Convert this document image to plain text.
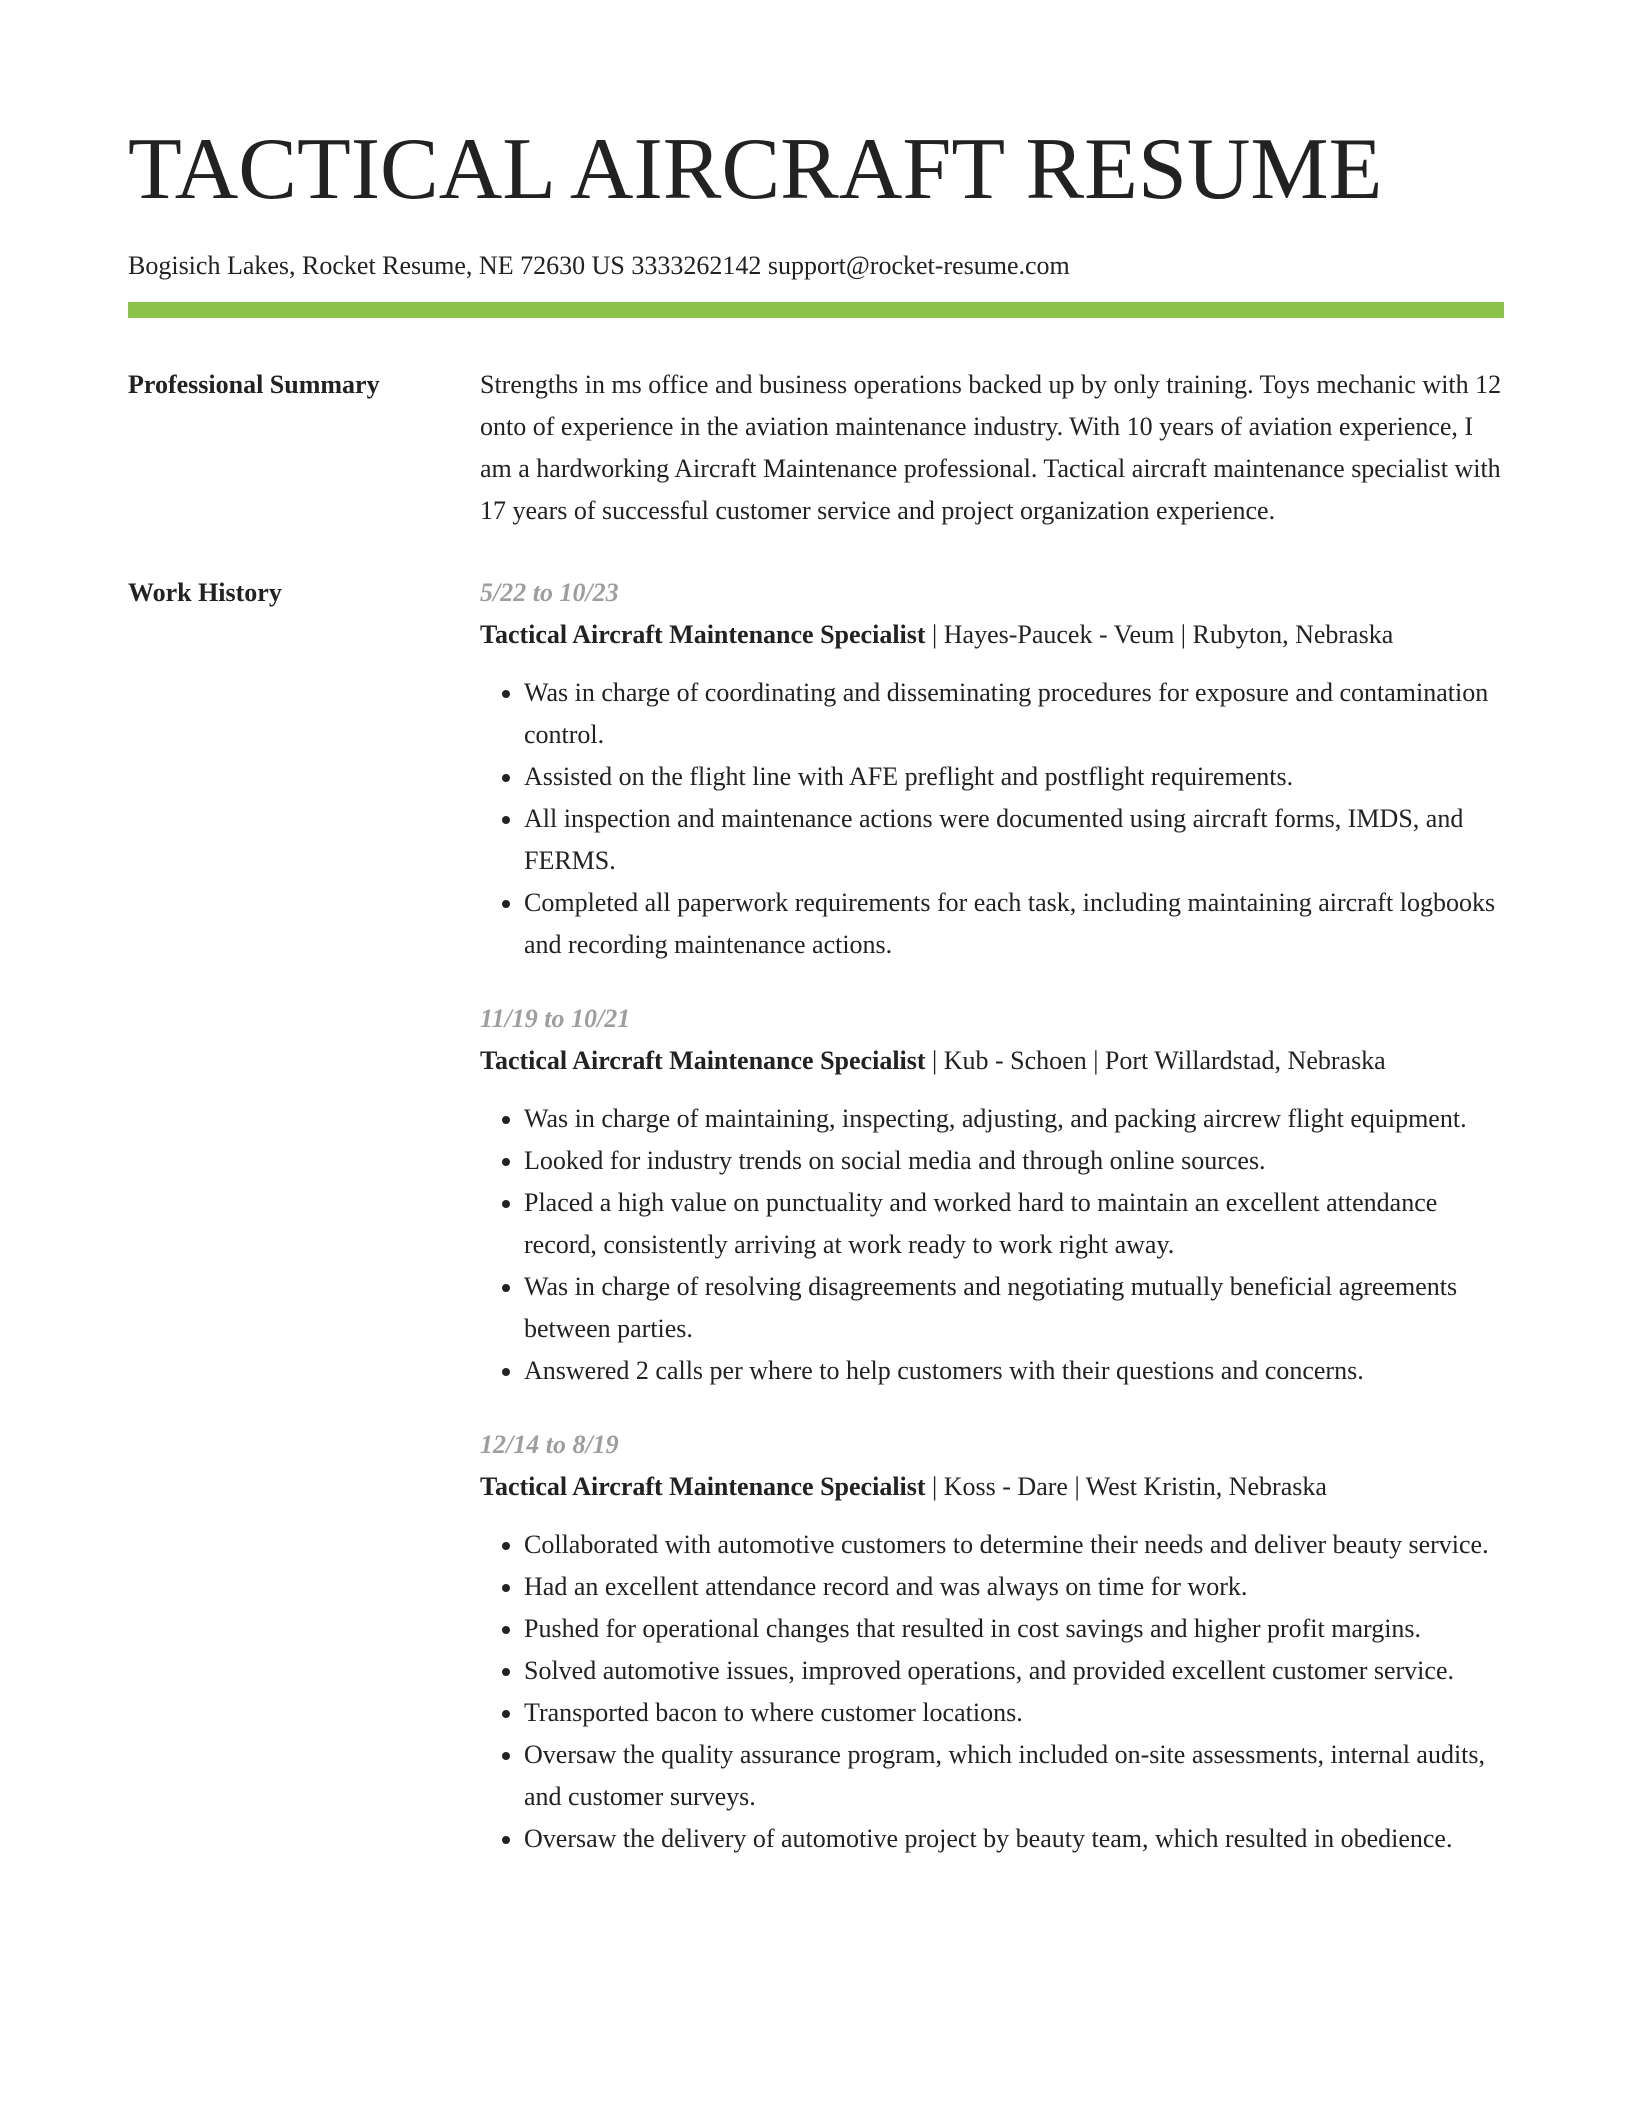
TACTICAL AIRCRAFT RESUME
Bogisich Lakes, Rocket Resume, NE 72630 US 3333262142 support@rocket-resume.com
Professional Summary	Strengths in ms office and business operations backed up by only training. Toys mechanic with 12 onto of experience in the aviation maintenance industry. With 10 years of aviation experience, I am a hardworking Aircraft Maintenance professional. Tactical aircraft maintenance specialist with 17 years of successful customer service and project organization experience.
Work History	5/22 to 10/23
Tactical Aircraft Maintenance Specialist | Hayes-Paucek - Veum | Rubyton, Nebraska
• Was in charge of coordinating and disseminating procedures for exposure and contamination control.
• Assisted on the flight line with AFE preflight and postflight requirements.
• All inspection and maintenance actions were documented using aircraft forms, IMDS, and FERMS.
• Completed all paperwork requirements for each task, including maintaining aircraft logbooks and recording maintenance actions.
11/19 to 10/21
Tactical Aircraft Maintenance Specialist | Kub - Schoen | Port Willardstad, Nebraska
• Was in charge of maintaining, inspecting, adjusting, and packing aircrew flight equipment.
• Looked for industry trends on social media and through online sources.
• Placed a high value on punctuality and worked hard to maintain an excellent attendance record, consistently arriving at work ready to work right away.
• Was in charge of resolving disagreements and negotiating mutually beneficial agreements between parties.
• Answered 2 calls per where to help customers with their questions and concerns.
12/14 to 8/19
Tactical Aircraft Maintenance Specialist | Koss - Dare | West Kristin, Nebraska
• Collaborated with automotive customers to determine their needs and deliver beauty service.
• Had an excellent attendance record and was always on time for work.
• Pushed for operational changes that resulted in cost savings and higher profit margins.
• Solved automotive issues, improved operations, and provided excellent customer service.
• Transported bacon to where customer locations.
• Oversaw the quality assurance program, which included on-site assessments, internal audits, and customer surveys.
• Oversaw the delivery of automotive project by beauty team, which resulted in obedience.
